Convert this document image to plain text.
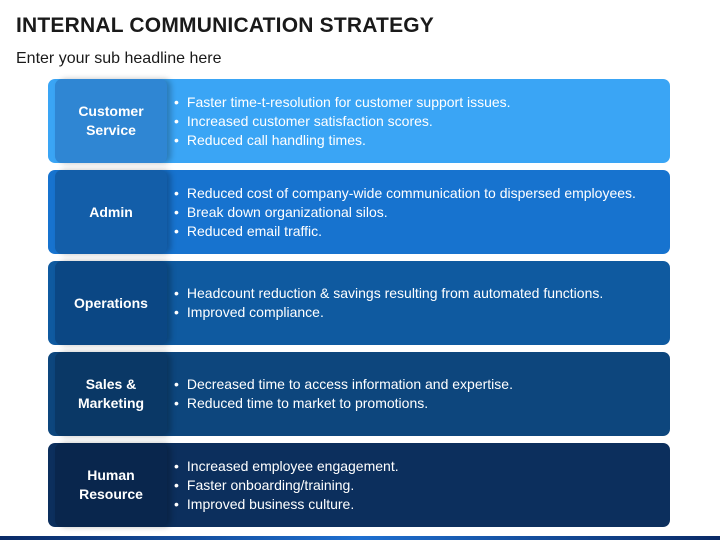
INTERNAL COMMUNICATION STRATEGY
Enter your sub headline here
Customer
Service
• Faster time-t-resolution for customer support issues.
• Increased customer satisfaction scores.
• Reduced call handling times.
Admin
• Reduced cost of company-wide communication to dispersed employees.
• Break down organizational silos.
• Reduced email traffic.
Operations
• Headcount reduction & savings resulting from automated functions.
• Improved compliance.
Sales &
Marketing
• Decreased time to access information and expertise.
• Reduced time to market to promotions.
Human
Resource
• Increased employee engagement.
• Faster onboarding/training.
• Improved business culture.
